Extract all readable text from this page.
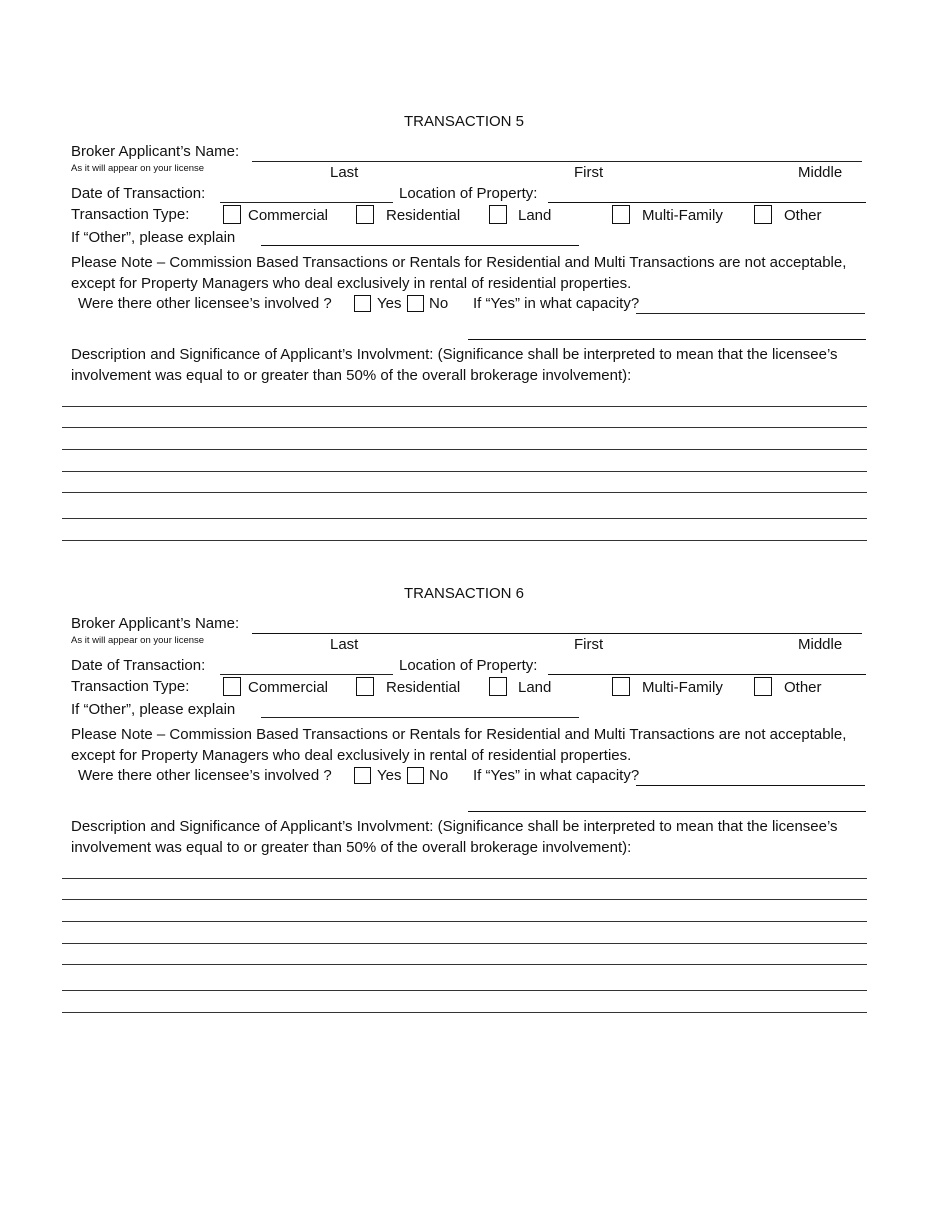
TRANSACTION 5
Broker Applicant’s Name:
As it will appear on your license	Last	First	Middle
Date of Transaction:	Location of Property:
Transaction Type:	Commercial	Residential	Land	Multi-Family	Other
If “Other”, please explain
Please Note – Commission Based Transactions or Rentals for Residential and Multi Transactions are not acceptable, except for Property Managers who deal exclusively in rental of residential properties.
Were there other licensee’s involved ?	Yes No If “Yes” in what capacity?
Description and Significance of Applicant’s Involvment: (Significance shall be interpreted to mean that the licensee’s involvement was equal to or greater than 50% of the overall brokerage involvement):
TRANSACTION 6
Broker Applicant’s Name:
As it will appear on your license	Last	First	Middle
Date of Transaction:	Location of Property:
Transaction Type:	Commercial	Residential	Land	Multi-Family	Other
If “Other”, please explain
Please Note – Commission Based Transactions or Rentals for Residential and Multi Transactions are not acceptable, except for Property Managers who deal exclusively in rental of residential properties.
Were there other licensee’s involved ?	Yes No If “Yes” in what capacity?
Description and Significance of Applicant’s Involvment: (Significance shall be interpreted to mean that the licensee’s involvement was equal to or greater than 50% of the overall brokerage involvement):
